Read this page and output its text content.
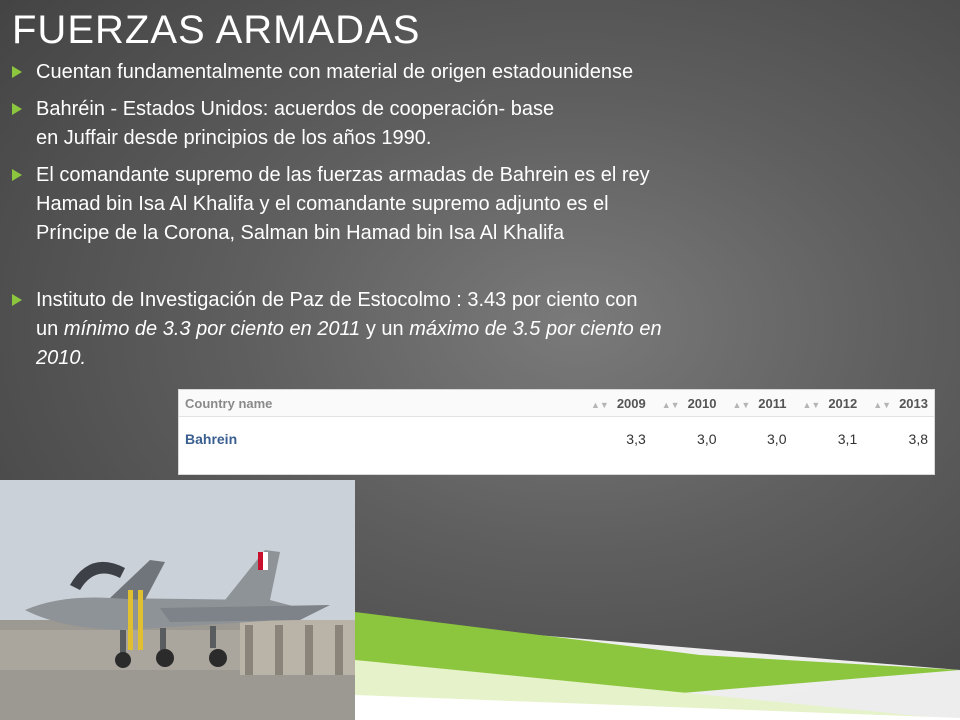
FUERZAS ARMADAS
Cuentan fundamentalmente con material de origen estadounidense
Bahréin - Estados Unidos: acuerdos de cooperación- base
en Juffair desde principios de los años 1990.
El comandante supremo de las fuerzas armadas de Bahrein es el rey
Hamad bin Isa Al Khalifa y el comandante supremo adjunto es el
Príncipe de la Corona, Salman bin Hamad bin Isa Al Khalifa
Instituto de Investigación de Paz de Estocolmo : 3.43 por ciento con
un mínimo de 3.3 por ciento en 2011 y un máximo de 3.5 por ciento en
2010.
Country name	▲▼ 2009	▲▼ 2010	▲▼ 2011	▲▼ 2012	▲▼ 2013
Bahrein	3,3	3,0	3,0	3,1	3,8
